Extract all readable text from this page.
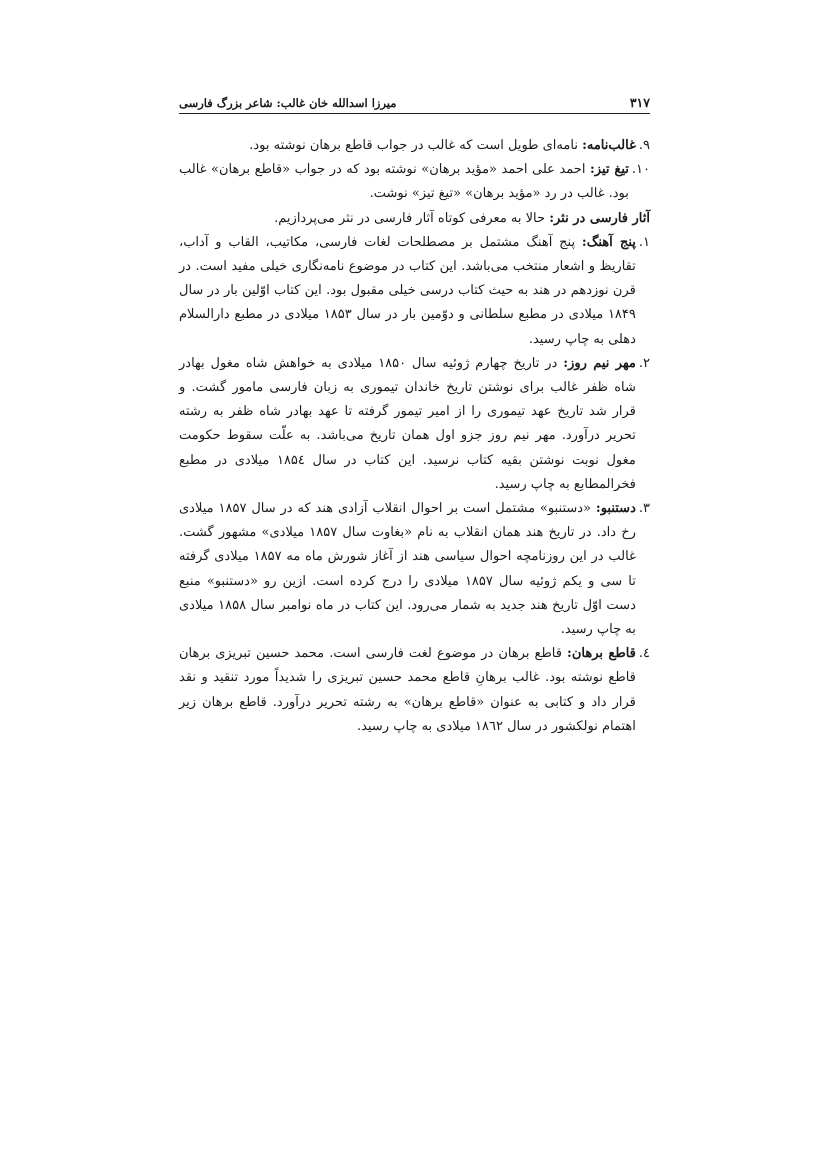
۳۱۷
میرزا اسدالله خان غالب: شاعر بزرگ فارسی
۹.
غالب‌نامه: نامه‌ای طویل است که غالب در جواب قاطع برهان نوشته بود.
۱۰.
تیغ تیز: احمد علی احمد «مؤید برهان» نوشته بود که در جواب «قاطع برهان» غالب بود. غالب در رد «مؤید برهان» «تیغ تیز» نوشت.
آثار فارسی در نثر: حالا به معرفی کوتاه آثار فارسی در نثر می‌پردازیم.
۱.
پنج آهنگ: پنج آهنگ مشتمل بر مصطلحات لغات فارسی، مکاتیب، القاب و آداب، تقاریظ و اشعار منتخب می‌باشد. این کتاب در موضوع نامه‌نگاری خیلی مفید است. در قرن نوزدهم در هند به حیث کتاب درسی خیلی مقبول بود. این کتاب اوّلین بار در سال ۱۸۴۹ میلادی در مطبع سلطانی و دوّمین بار در سال ۱۸۵۳ میلادی در مطبع دارالسلام دهلی به چاپ رسید.
۲.
مهر نیم روز: در تاریخ چهارم ژوئیه سال ۱۸۵۰ میلادی به خواهش شاه مغول بهادر شاه ظفر غالب برای نوشتن تاریخ خاندان تیموری به زبان فارسی مامور گشت. و قرار شد تاریخ عهد تیموری را از امیر تیمور گرفته تا عهد بهادر شاه ظفر به رشته تحریر درآورد. مهر نیم روز جزو اول همان تاریخ می‌باشد. به علّت سقوط حکومت مغول نوبت نوشتن بقیه کتاب نرسید. این کتاب در سال ۱۸۵٤ میلادی در مطبع فخرالمطابع به چاپ رسید.
۳.
دستنبو: «دستنبو» مشتمل است بر احوال انقلاب آزادی هند که در سال ۱۸۵۷ میلادی رخ داد. در تاریخ هند همان انقلاب به نام «بغاوت سال ۱۸۵۷ میلادی» مشهور گشت. غالب در این روزنامچه احوال سیاسی هند از آغاز شورش ماه مه ۱۸۵۷ میلادی گرفته تا سی و یکم ژوئیه سال ۱۸۵۷ میلادی را درج کرده است. ازین رو «دستنبو» منبع دست اوّل تاریخ هند جدید به شمار می‌رود. این کتاب در ماه نوامبر سال ۱۸۵۸ میلادی به چاپ رسید.
٤.
قاطع برهان: قاطع برهان در موضوع لغت فارسی است. محمد حسین تبریزی برهان قاطع نوشته بود. غالب برهانِ قاطع محمد حسین تبریزی را شدیداً مورد تنقید و نقد قرار داد و کتابی به عنوان «قاطع برهان» به رشته تحریر درآورد. قاطع برهان زیر اهتمام نولکشور در سال ۱۸٦۲ میلادی به چاپ رسید.
